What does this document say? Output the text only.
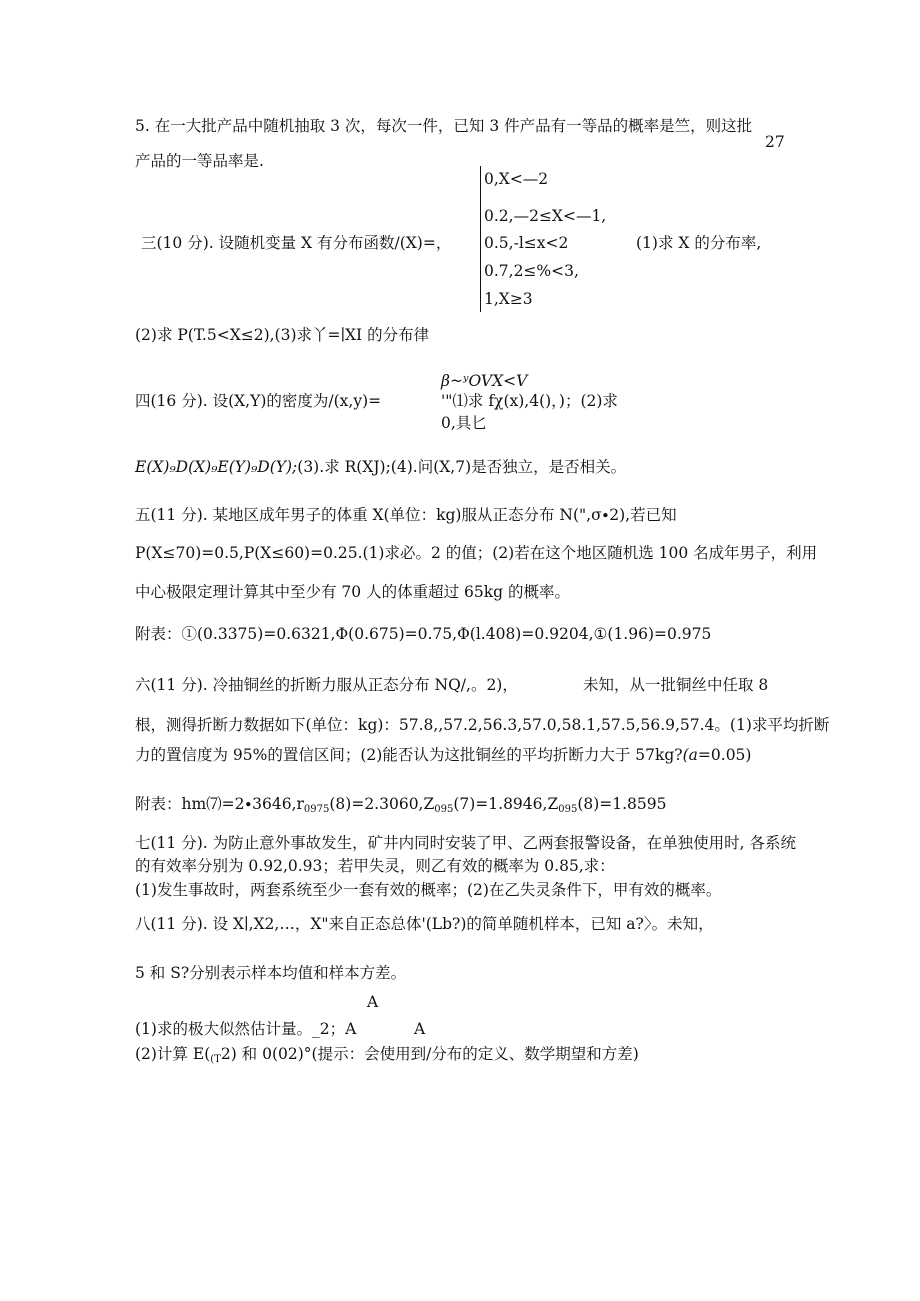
5. 在一大批产品中随机抽取 3 次，每次一件，已知 3 件产品有一等品的概率是竺，则这批
27
产品的一等品率是.
0,X<—2
0.2,—2≤X<—1,
三(10 分). 设随机变量 X 有分布函数/(X)=， 0.5,-l≤x<2	(1)求 X 的分布率,
0.7,2≤%<3,
1,X≥3
(2)求 P(T.5<X≤2),(3)求丫=∣XI 的分布律
β~ʸOVX<V
四(16 分). 设(X,Y)的密度为/(x,y)=	'"⑴求 fχ(x),4()，)；(2)求
0,具匕
E(X)₉D(X)₉E(Y)₉D(Y);(3).求 R(XJ);(4).问(X,7)是否独立，是否相关。
五(11 分). 某地区成年男子的体重 X(单位：kg)服从正态分布 N(",σ∙2),若已知
P(X≤70)=0.5,P(X≤60)=0.25.(1)求必。2 的值；(2)若在这个地区随机选 100 名成年男子，利用
中心极限定理计算其中至少有 70 人的体重超过 65kg 的概率。
附表：①(0.3375)=0.6321,Φ(0.675)=0.75,Φ(l.408)=0.9204,①(1.96)=0.975
六(11 分). 冷抽铜丝的折断力服从正态分布 NQ/,。2)，	未知，从一批铜丝中任取 8
根，测得折断力数据如下(单位：kg)：57.8,,57.2,56.3,57.0,58.1,57.5,56.9,57.4。(1)求平均折断
力的置信度为 95%的置信区间；(2)能否认为这批铜丝的平均折断力大于 57kg?(a=0.05)
附表：hm⑺=2∙3646,r0975(8)=2.3060,Z095(7)=1.8946,Z095(8)=1.8595
七(11 分). 为防止意外事故发生，矿井内同时安装了甲、乙两套报警设备，在单独使用时, 各系统
的有效率分别为 0.92,0.93；若甲失灵，则乙有效的概率为 0.85,求：
(1)发生事故时，两套系统至少一套有效的概率；(2)在乙失灵条件下，甲有效的概率。
八(11 分). 设 X∣,X2,…，X"来自正态总体'(Lb?)的简单随机样本，已知 a?〉。未知，
5 和 S?分别表示样本均值和样本方差。
A
(1)求的极大似然估计量。_2；A	A
(2)计算 E((T2) 和 0(02)°(提示：会使用到/分布的定义、数学期望和方差)
